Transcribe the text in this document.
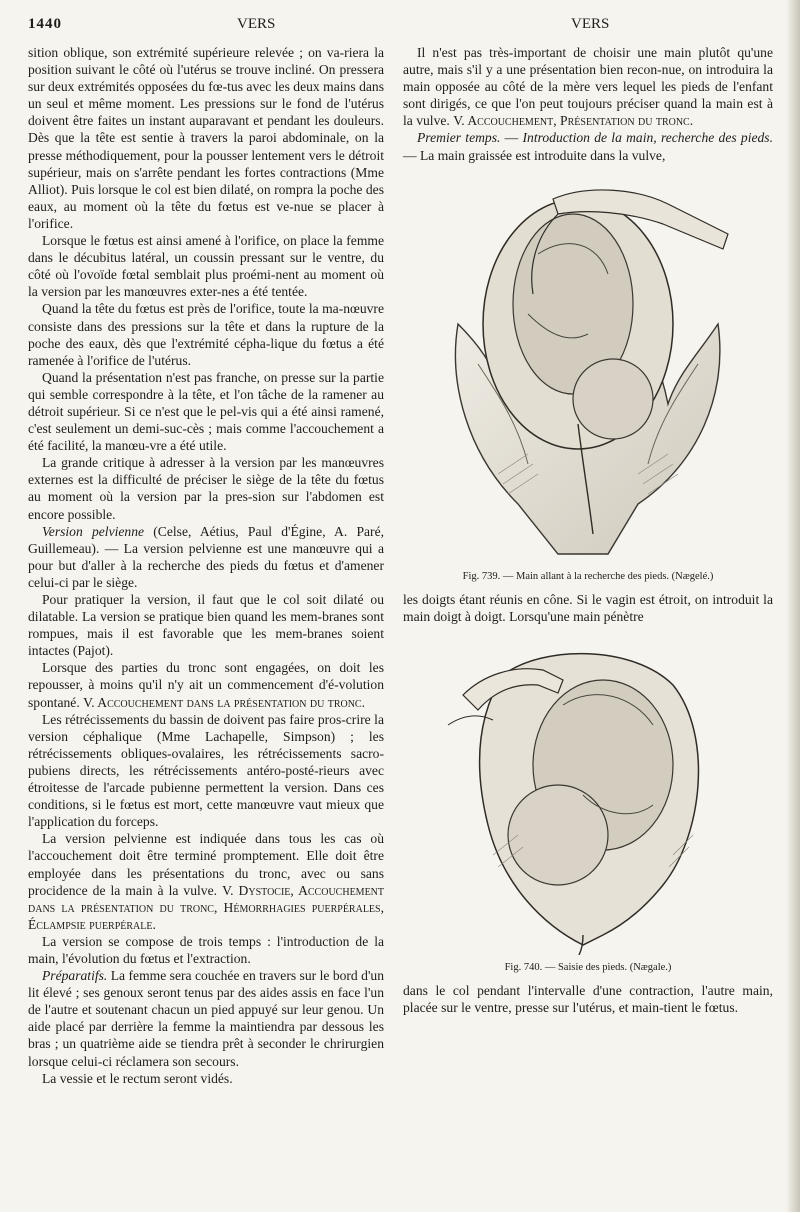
1440	VERS	VERS

sition oblique, son extrémité supérieure relevée ; on va-riera la position suivant le côté où l'utérus se trouve incliné. On pressera sur deux extrémités opposées du fœ-tus avec les deux mains dans un seul et même moment. Les pressions sur le fond de l'utérus doivent être faites un instant auparavant et pendant les douleurs. Dès que la tête est sentie à travers la paroi abdominale, on la presse méthodiquement, pour la pousser lentement vers le détroit supérieur, mais on s'arrête pendant les fortes contractions (Mme Alliot). Puis lorsque le col est bien dilaté, on rompra la poche des eaux, au moment où la tête du fœtus est ve-nue se placer à l'orifice.

Lorsque le fœtus est ainsi amené à l'orifice, on place la femme dans le décubitus latéral, un coussin pressant sur le ventre, du côté où l'ovoïde fœtal semblait plus proémi-nent au moment où la version par les manœuvres exter-nes a été tentée.

Quand la tête du fœtus est près de l'orifice, toute la ma-nœuvre consiste dans des pressions sur la tête et dans la rupture de la poche des eaux, dès que l'extrémité cépha-lique du fœtus a été ramenée à l'orifice de l'utérus.

Quand la présentation n'est pas franche, on presse sur la partie qui semble correspondre à la tête, et l'on tâche de la ramener au détroit supérieur. Si ce n'est que le pel-vis qui a été ainsi ramené, c'est seulement un demi-suc-cès ; mais comme l'accouchement a été facilité, la manœu-vre a été utile.

La grande critique à adresser à la version par les manœuvres externes est la difficulté de préciser le siège de la tête du fœtus au moment où la version par la pres-sion sur l'abdomen est encore possible.

Version pelvienne (Celse, Aétius, Paul d'Égine, A. Paré, Guillemeau). — La version pelvienne est une manœuvre qui a pour but d'aller à la recherche des pieds du fœtus et d'amener celui-ci par le siège.

Pour pratiquer la version, il faut que le col soit dilaté ou dilatable. La version se pratique bien quand les mem-branes sont rompues, mais il est favorable que les mem-branes soient intactes (Pajot).

Lorsque des parties du tronc sont engagées, on doit les repousser, à moins qu'il n'y ait un commencement d'é-volution spontané. V. Accouchement dans la présentation du tronc.

Les rétrécissements du bassin de doivent pas faire pros-crire la version céphalique (Mme Lachapelle, Simpson) ; les rétrécissements obliques-ovalaires, les rétrécissements sacro-pubiens directs, les rétrécissements antéro-posté-rieurs avec étroitesse de l'arcade pubienne permettent la version. Dans ces conditions, si le fœtus est mort, cette manœuvre vaut mieux que l'application du forceps.

La version pelvienne est indiquée dans tous les cas où l'accouchement doit être terminé promptement. Elle doit être employée dans les présentations du tronc, avec ou sans procidence de la main à la vulve. V. Dystocie, Accouchement dans la présentation du tronc, Hémorrhagies puerpérales, Éclampsie puerpérale.

La version se compose de trois temps : l'introduction de la main, l'évolution du fœtus et l'extraction.

Préparatifs. La femme sera couchée en travers sur le bord d'un lit élevé ; ses genoux seront tenus par des aides assis en face l'un de l'autre et soutenant chacun un pied appuyé sur leur genou. Un aide placé par derrière la femme la maintiendra par dessous les bras ; un quatrième aide se tiendra prêt à seconder le chrirurgien lorsque celui-ci réclamera son secours.

La vessie et le rectum seront vidés.

Il n'est pas très-important de choisir une main plutôt qu'une autre, mais s'il y a une présentation bien recon-nue, on introduira la main opposée au côté de la mère vers lequel les pieds de l'enfant sont dirigés, ce que l'on peut toujours préciser quand la main est à la vulve. V. Accouchement, Présentation du tronc.

Premier temps. — Introduction de la main, recherche des pieds. — La main graissée est introduite dans la vulve,

Fig. 739. — Main allant à la recherche des pieds. (Nægelé.)

les doigts étant réunis en cône. Si le vagin est étroit, on introduit la main doigt à doigt. Lorsqu'une main pénètre

Fig. 740. — Saisie des pieds. (Nægale.)

dans le col pendant l'intervalle d'une contraction, l'autre main, placée sur le ventre, presse sur l'utérus, et main-tient le fœtus.
